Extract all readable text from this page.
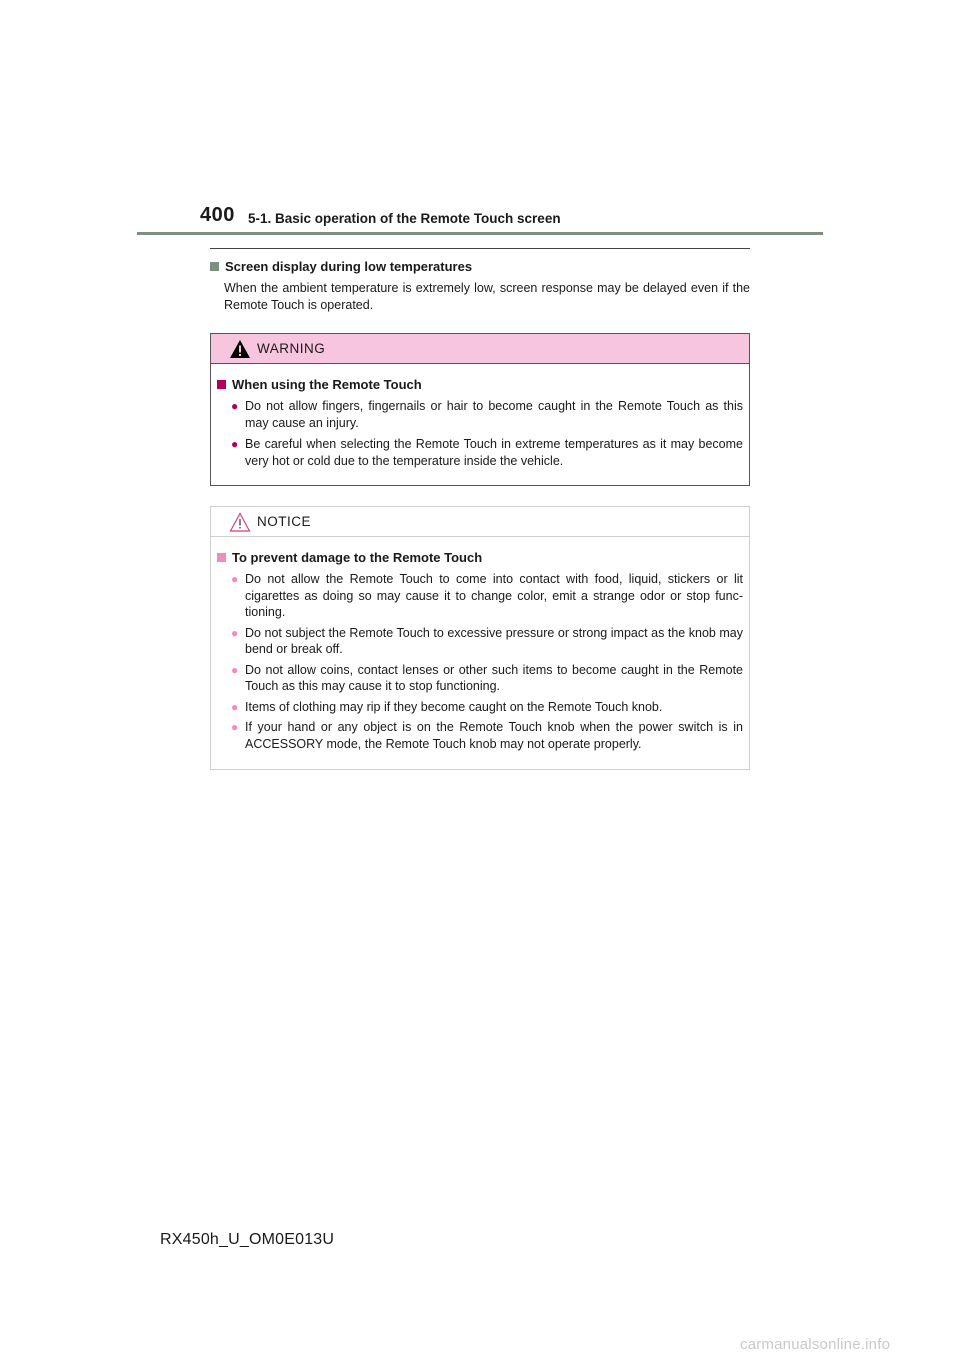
400 5-1. Basic operation of the Remote Touch screen
Screen display during low temperatures
When the ambient temperature is extremely low, screen response may be delayed even if the Remote Touch is operated.
WARNING
When using the Remote Touch
● Do not allow fingers, fingernails or hair to become caught in the Remote Touch as this may cause an injury.
● Be careful when selecting the Remote Touch in extreme temperatures as it may become very hot or cold due to the temperature inside the vehicle.
NOTICE
To prevent damage to the Remote Touch
● Do not allow the Remote Touch to come into contact with food, liquid, stickers or lit cigarettes as doing so may cause it to change color, emit a strange odor or stop func-tioning.
● Do not subject the Remote Touch to excessive pressure or strong impact as the knob may bend or break off.
● Do not allow coins, contact lenses or other such items to become caught in the Remote Touch as this may cause it to stop functioning.
● Items of clothing may rip if they become caught on the Remote Touch knob.
● If your hand or any object is on the Remote Touch knob when the power switch is in ACCESSORY mode, the Remote Touch knob may not operate properly.
RX450h_U_OM0E013U
carmanualsonline.info
